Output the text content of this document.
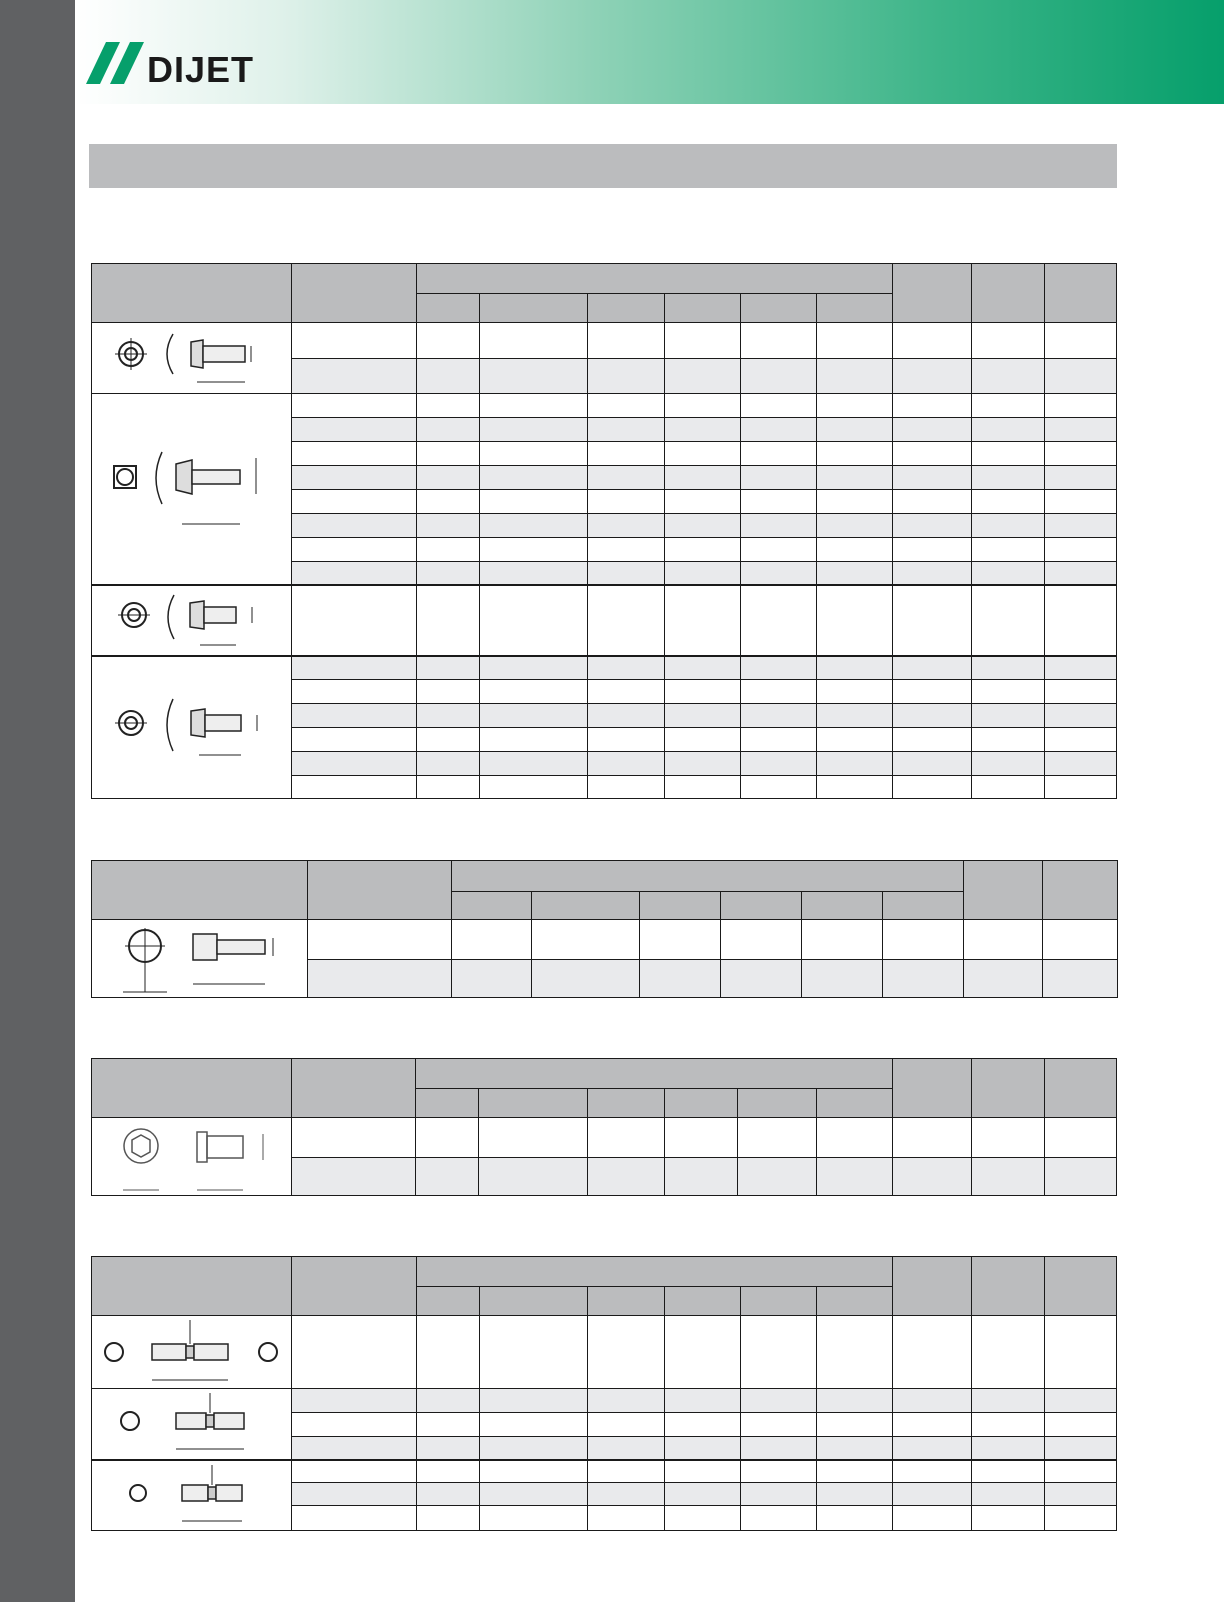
DIJET
